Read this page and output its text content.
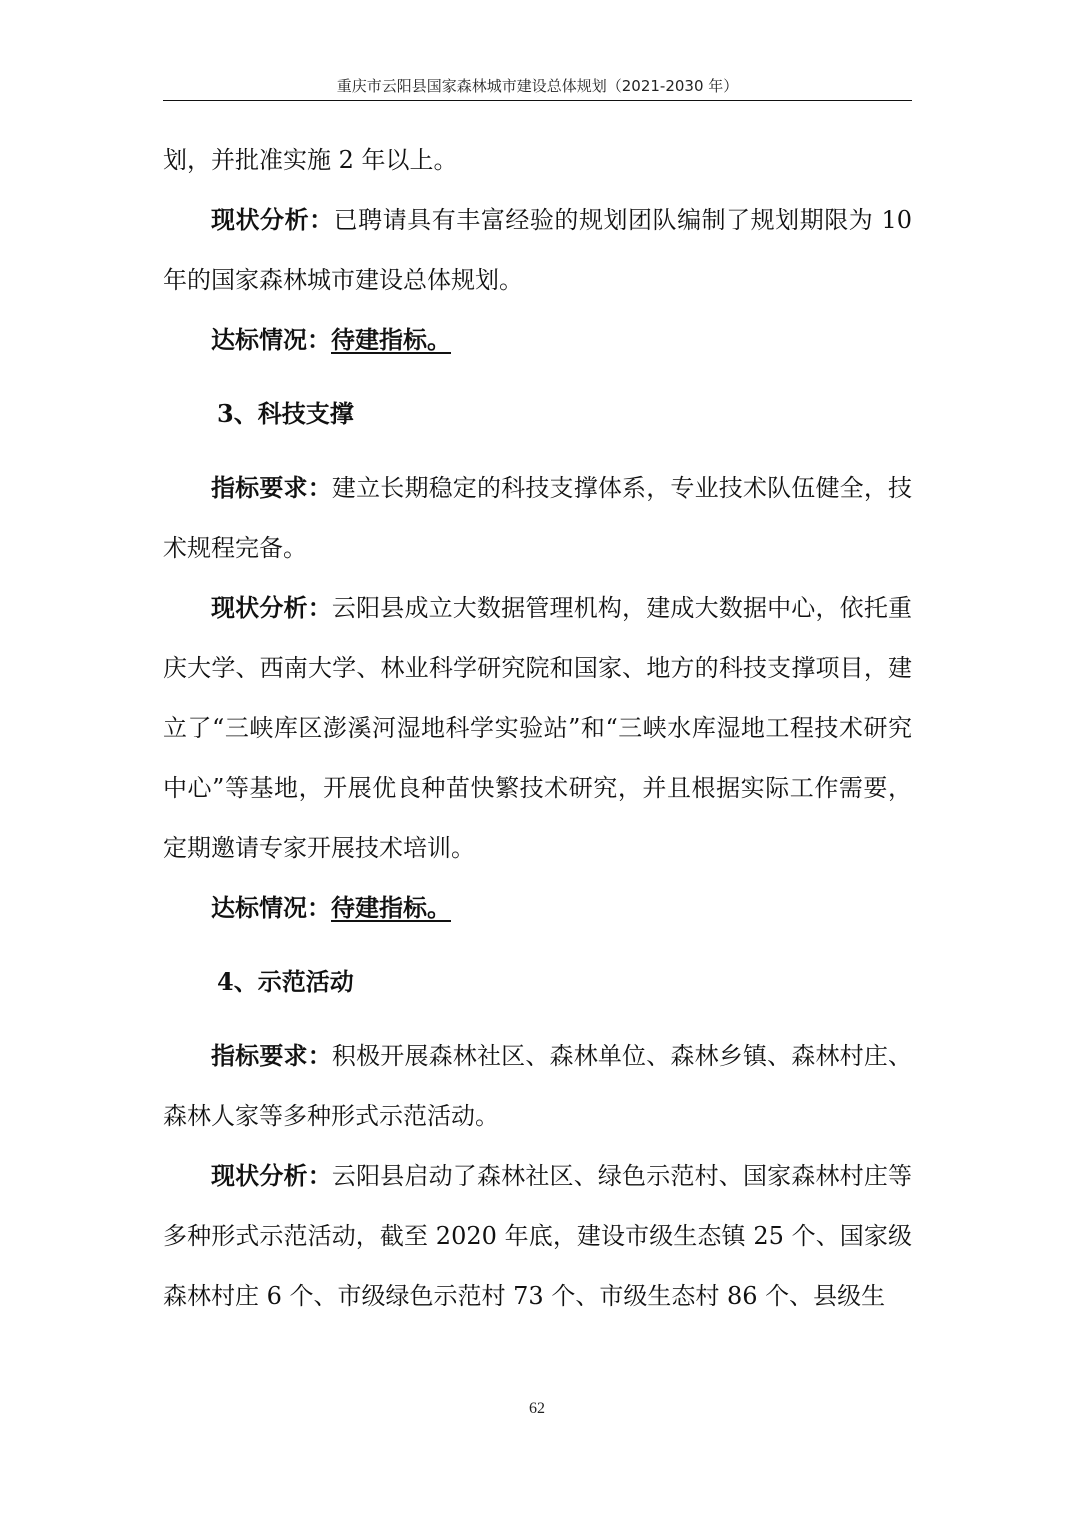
重庆市云阳县国家森林城市建设总体规划（2021-2030 年）

划，并批准实施 2 年以上。

现状分析：已聘请具有丰富经验的规划团队编制了规划期限为 10 年的国家森林城市建设总体规划。

达标情况：待建指标。

3、科技支撑

指标要求：建立长期稳定的科技支撑体系，专业技术队伍健全，技术规程完备。

现状分析：云阳县成立大数据管理机构，建成大数据中心，依托重庆大学、西南大学、林业科学研究院和国家、地方的科技支撑项目，建立了“三峡库区澎溪河湿地科学实验站”和“三峡水库湿地工程技术研究中心”等基地，开展优良种苗快繁技术研究，并且根据实际工作需要，定期邀请专家开展技术培训。

达标情况：待建指标。

4、示范活动

指标要求：积极开展森林社区、森林单位、森林乡镇、森林村庄、森林人家等多种形式示范活动。

现状分析：云阳县启动了森林社区、绿色示范村、国家森林村庄等多种形式示范活动，截至 2020 年底，建设市级生态镇 25 个、国家级森林村庄 6 个、市级绿色示范村 73 个、市级生态村 86 个、县级生

62
